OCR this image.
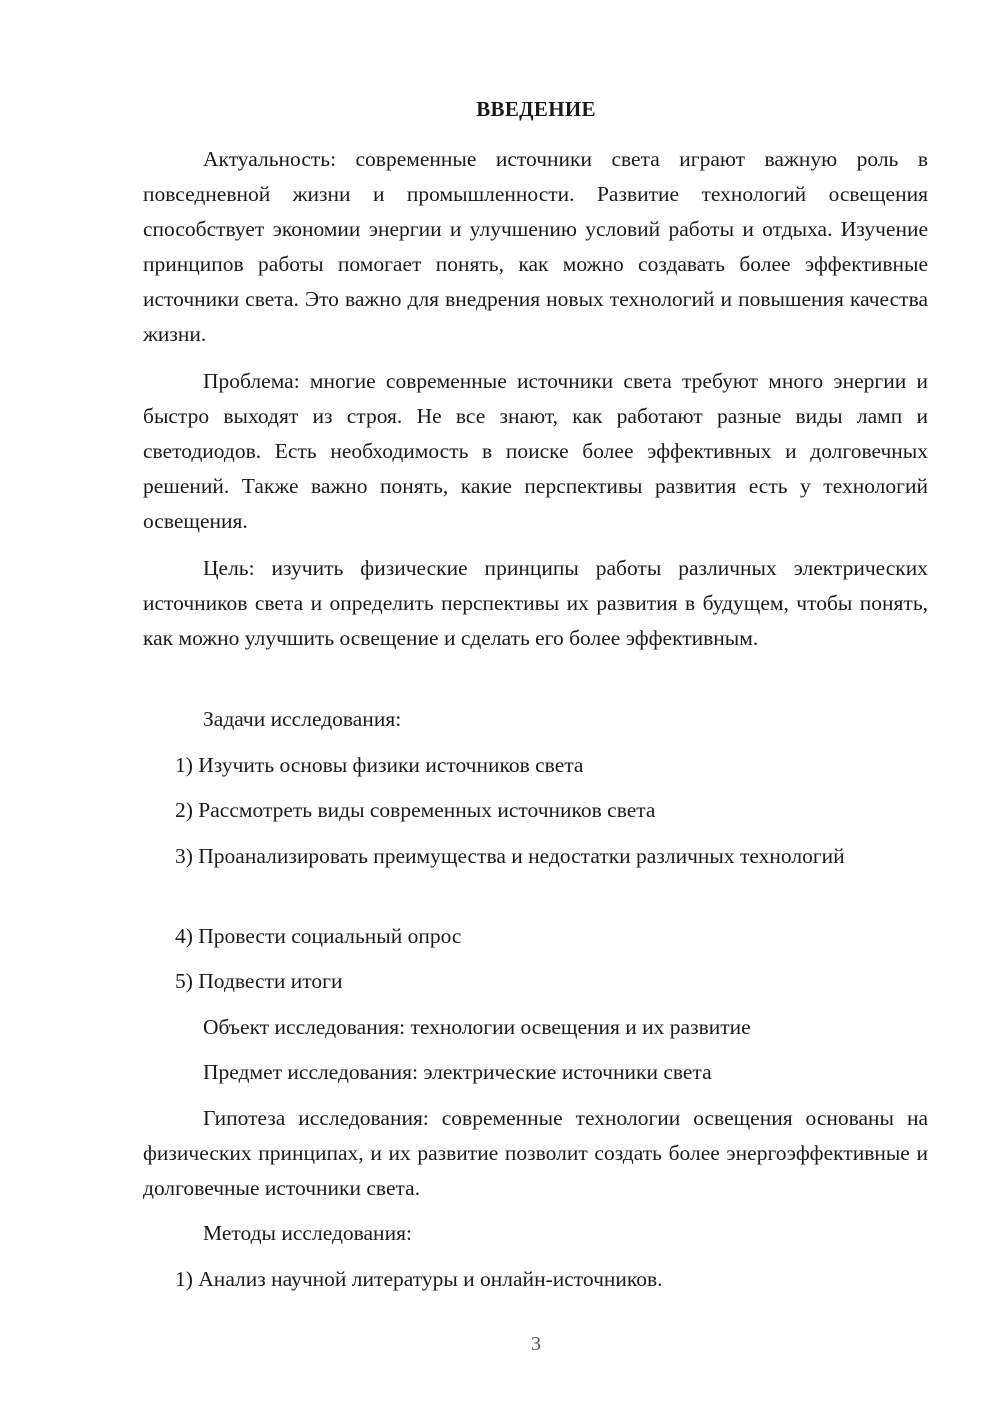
ВВЕДЕНИЕ

Актуальность: современные источники света играют важную роль в повседневной жизни и промышленности. Развитие технологий освещения способствует экономии энергии и улучшению условий работы и отдыха. Изучение принципов работы помогает понять, как можно создавать более эффективные источники света. Это важно для внедрения новых технологий и повышения качества жизни.

Проблема: многие современные источники света требуют много энергии и быстро выходят из строя. Не все знают, как работают разные виды ламп и светодиодов. Есть необходимость в поиске более эффективных и долговечных решений. Также важно понять, какие перспективы развития есть у технологий освещения.

Цель: изучить физические принципы работы различных электрических источников света и определить перспективы их развития в будущем, чтобы понять, как можно улучшить освещение и сделать его более эффективным.

Задачи исследования:
1) Изучить основы физики источников света
2) Рассмотреть виды современных источников света

3) Проанализировать преимущества и недостатки различных технологий

4) Провести социальный опрос
5) Подвести итоги
Объект исследования: технологии освещения и их развитие
Предмет исследования: электрические источники света

Гипотеза исследования: современные технологии освещения основаны на физических принципах, и их развитие позволит создать более энергоэффективные и долговечные источники света.

Методы исследования:
1) Анализ научной литературы и онлайн-источников.
3
